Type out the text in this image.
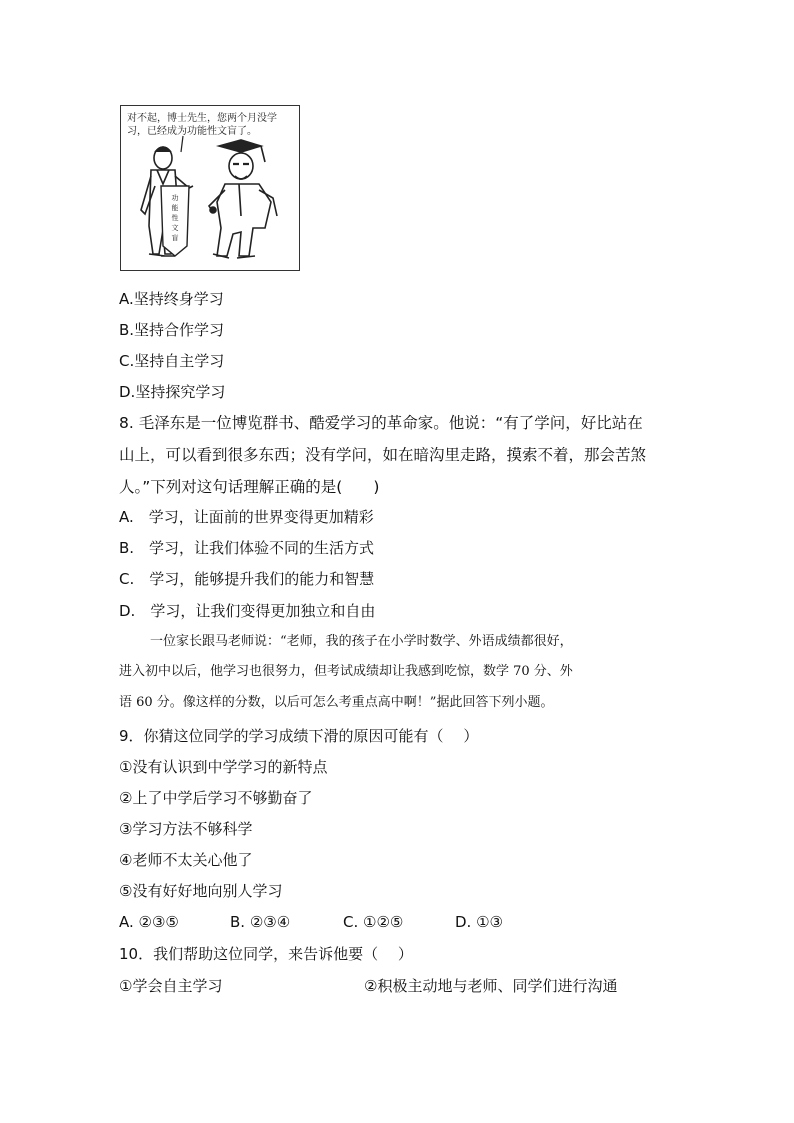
功
能
性
文
盲
对不起，博士先生，您两个月没学习，已经成为功能性文盲了。
A.坚持终身学习
B.坚持合作学习
C.坚持自主学习
D.坚持探究学习
8. 毛泽东是一位博览群书、酷爱学习的革命家。他说：“有了学问，好比站在
山上，可以看到很多东西；没有学问，如在暗沟里走路，摸索不着，那会苦煞
人。”下列对这句话理解正确的是(　　)
A.　学习，让面前的世界变得更加精彩
B.　学习，让我们体验不同的生活方式
C.　学习，能够提升我们的能力和智慧
D.　学习，让我们变得更加独立和自由
一位家长跟马老师说：“老师，我的孩子在小学时数学、外语成绩都很好，
进入初中以后，他学习也很努力，但考试成绩却让我感到吃惊，数学 70 分、外
语 60 分。像这样的分数，以后可怎么考重点高中啊！”据此回答下列小题。
9．你猜这位同学的学习成绩下滑的原因可能有（　 ）
①没有认识到中学学习的新特点
②上了中学后学习不够勤奋了
③学习方法不够科学
④老师不太关心他了
⑤没有好好地向别人学习
A. ②③⑤	B. ②③④	C. ①②⑤	D. ①③
10．我们帮助这位同学，来告诉他要（　 ）
①学会自主学习	②积极主动地与老师、同学们进行沟通
